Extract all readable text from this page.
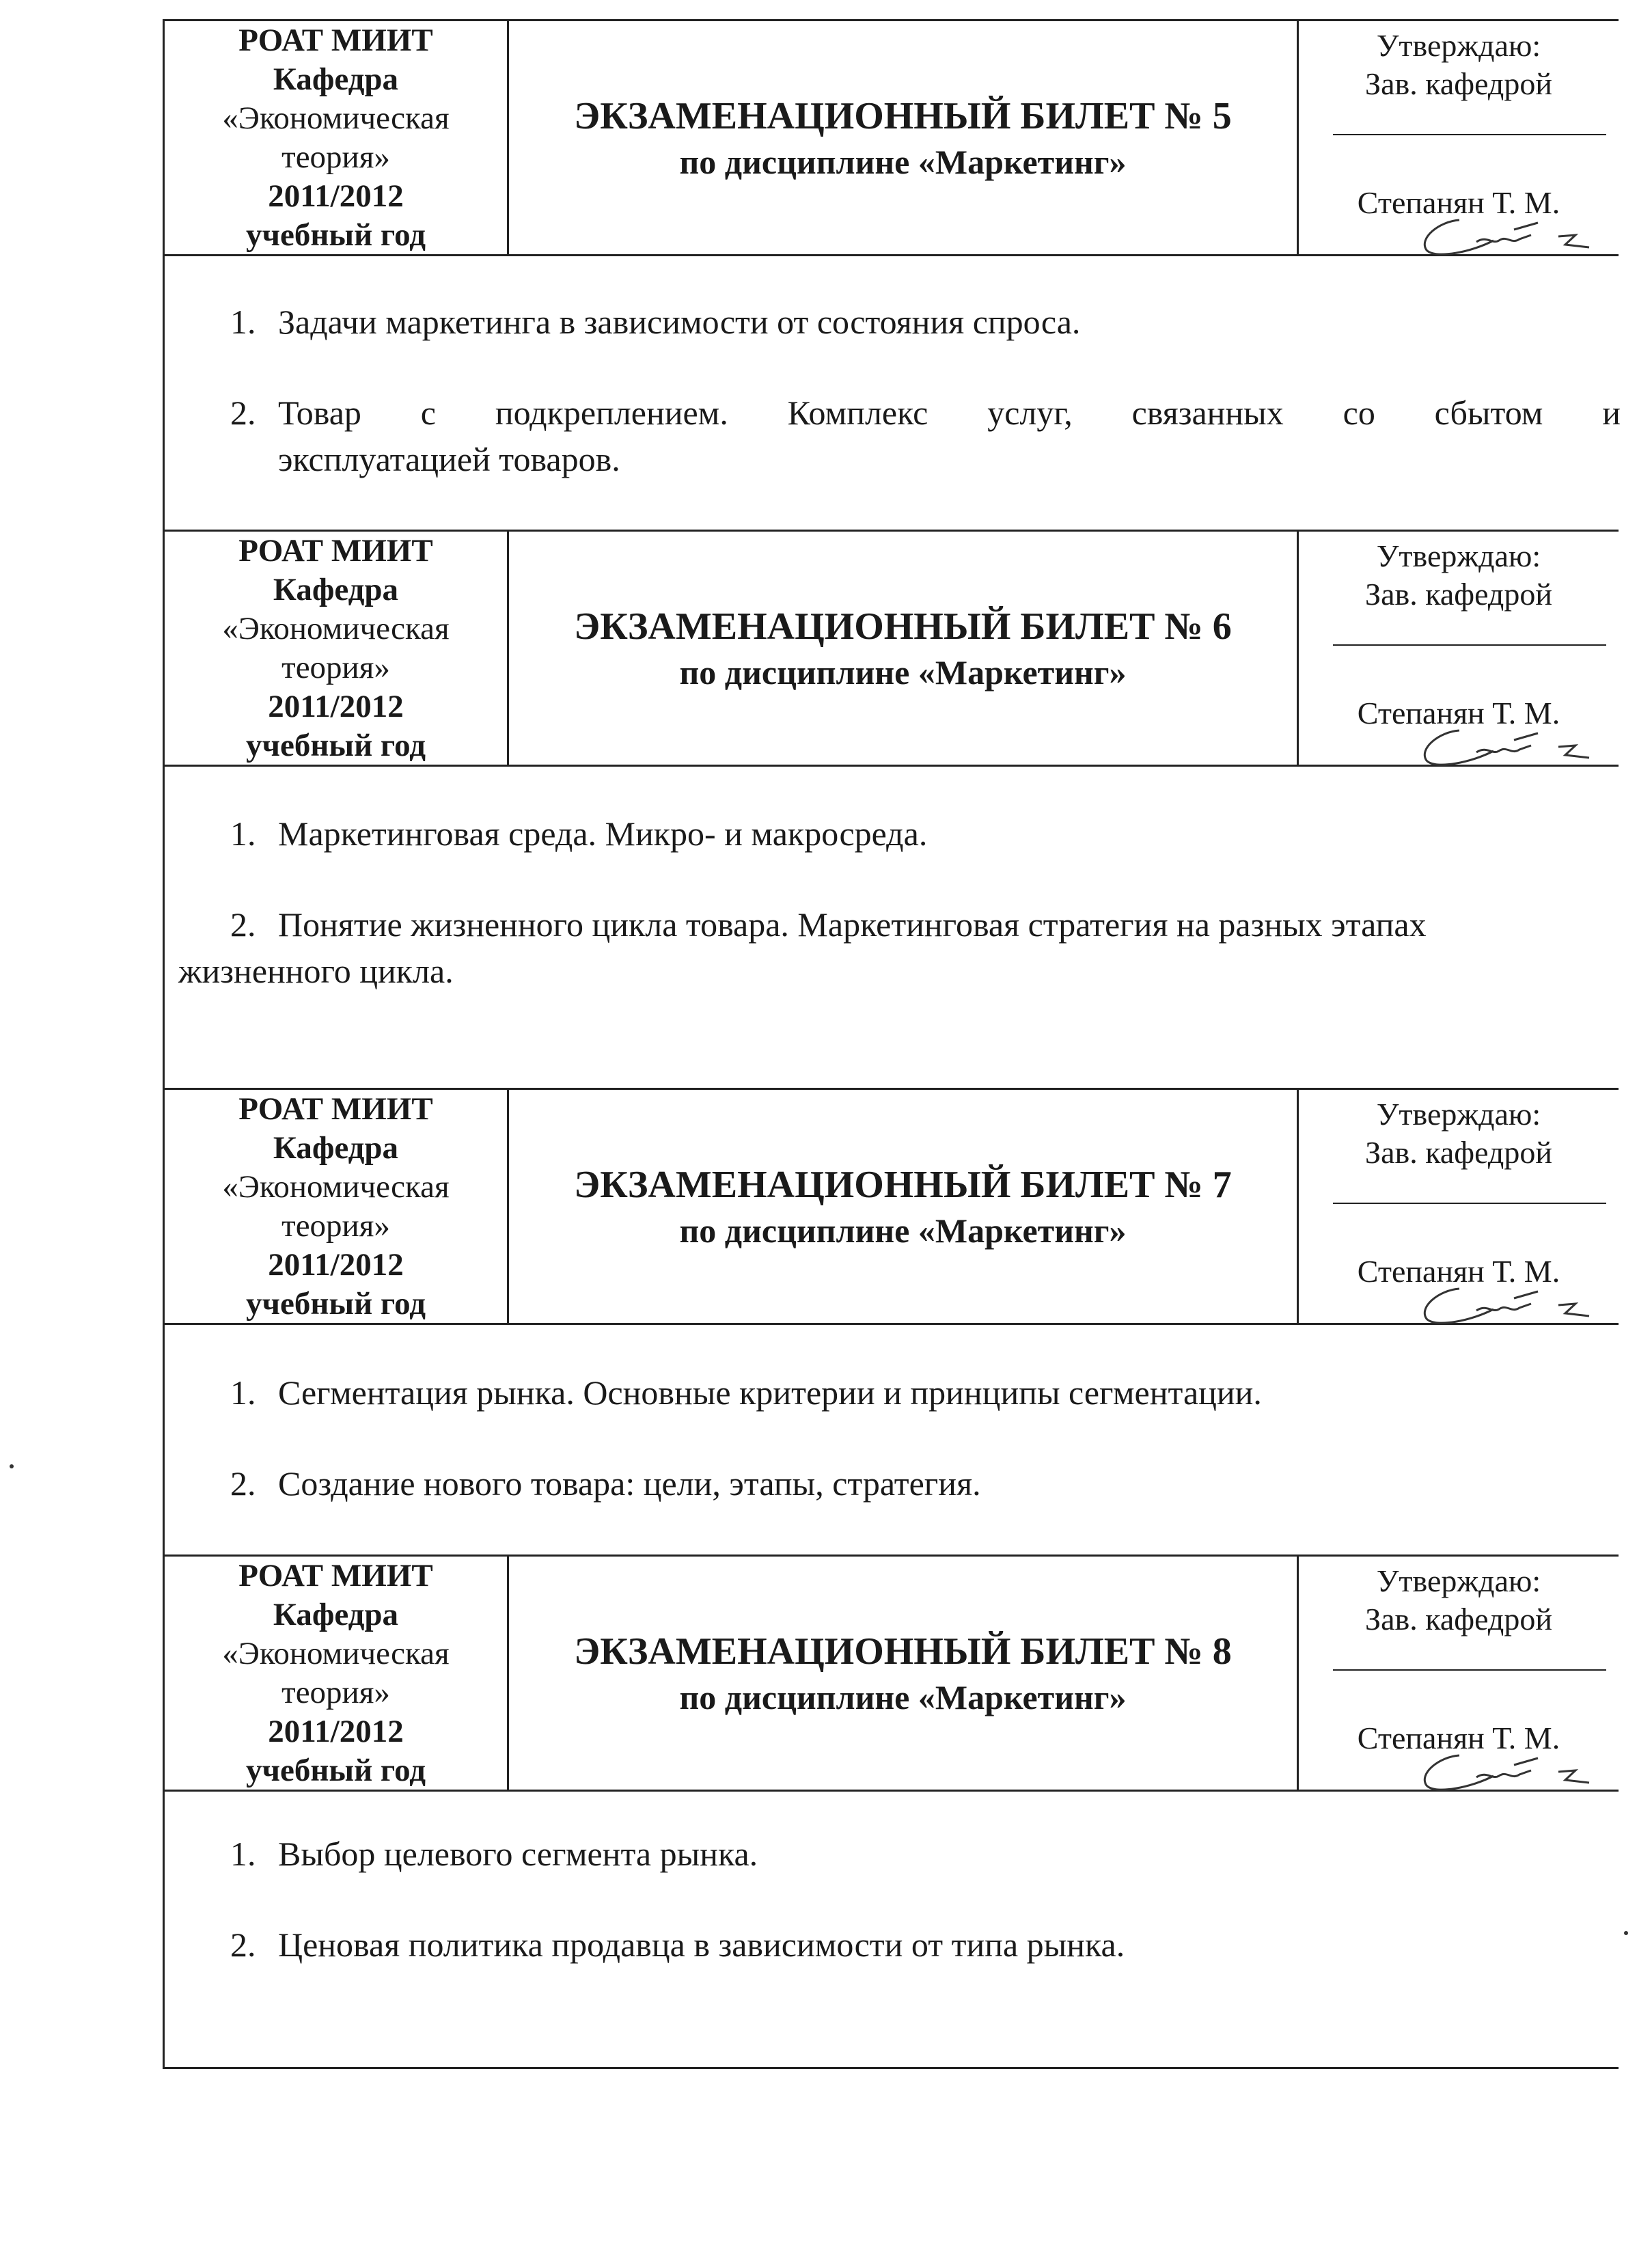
РОАТ МИИТ
Кафедра
«Экономическая
теория»
2011/2012
учебный год
ЭКЗАМЕНАЦИОННЫЙ БИЛЕТ № 5
по дисциплине «Маркетинг»
Утверждаю:
Зав. кафедрой
Степанян Т. М.
1. Задачи маркетинга в зависимости от состояния спроса.
2. Товар с подкреплением. Комплекс услуг, связанных со сбытом и
эксплуатацией товаров.
РОАТ МИИТ
Кафедра
«Экономическая
теория»
2011/2012
учебный год
ЭКЗАМЕНАЦИОННЫЙ БИЛЕТ № 6
по дисциплине «Маркетинг»
Утверждаю:
Зав. кафедрой
Степанян Т. М.
1. Маркетинговая среда. Микро- и макросреда.
2. Понятие жизненного цикла товара. Маркетинговая стратегия на разных этапах
жизненного цикла.
РОАТ МИИТ
Кафедра
«Экономическая
теория»
2011/2012
учебный год
ЭКЗАМЕНАЦИОННЫЙ БИЛЕТ № 7
по дисциплине «Маркетинг»
Утверждаю:
Зав. кафедрой
Степанян Т. М.
1. Сегментация рынка. Основные критерии и принципы сегментации.
2. Создание нового товара: цели, этапы, стратегия.
РОАТ МИИТ
Кафедра
«Экономическая
теория»
2011/2012
учебный год
ЭКЗАМЕНАЦИОННЫЙ БИЛЕТ № 8
по дисциплине «Маркетинг»
Утверждаю:
Зав. кафедрой
Степанян Т. М.
1. Выбор целевого сегмента рынка.
2. Ценовая политика продавца в зависимости от типа рынка.
